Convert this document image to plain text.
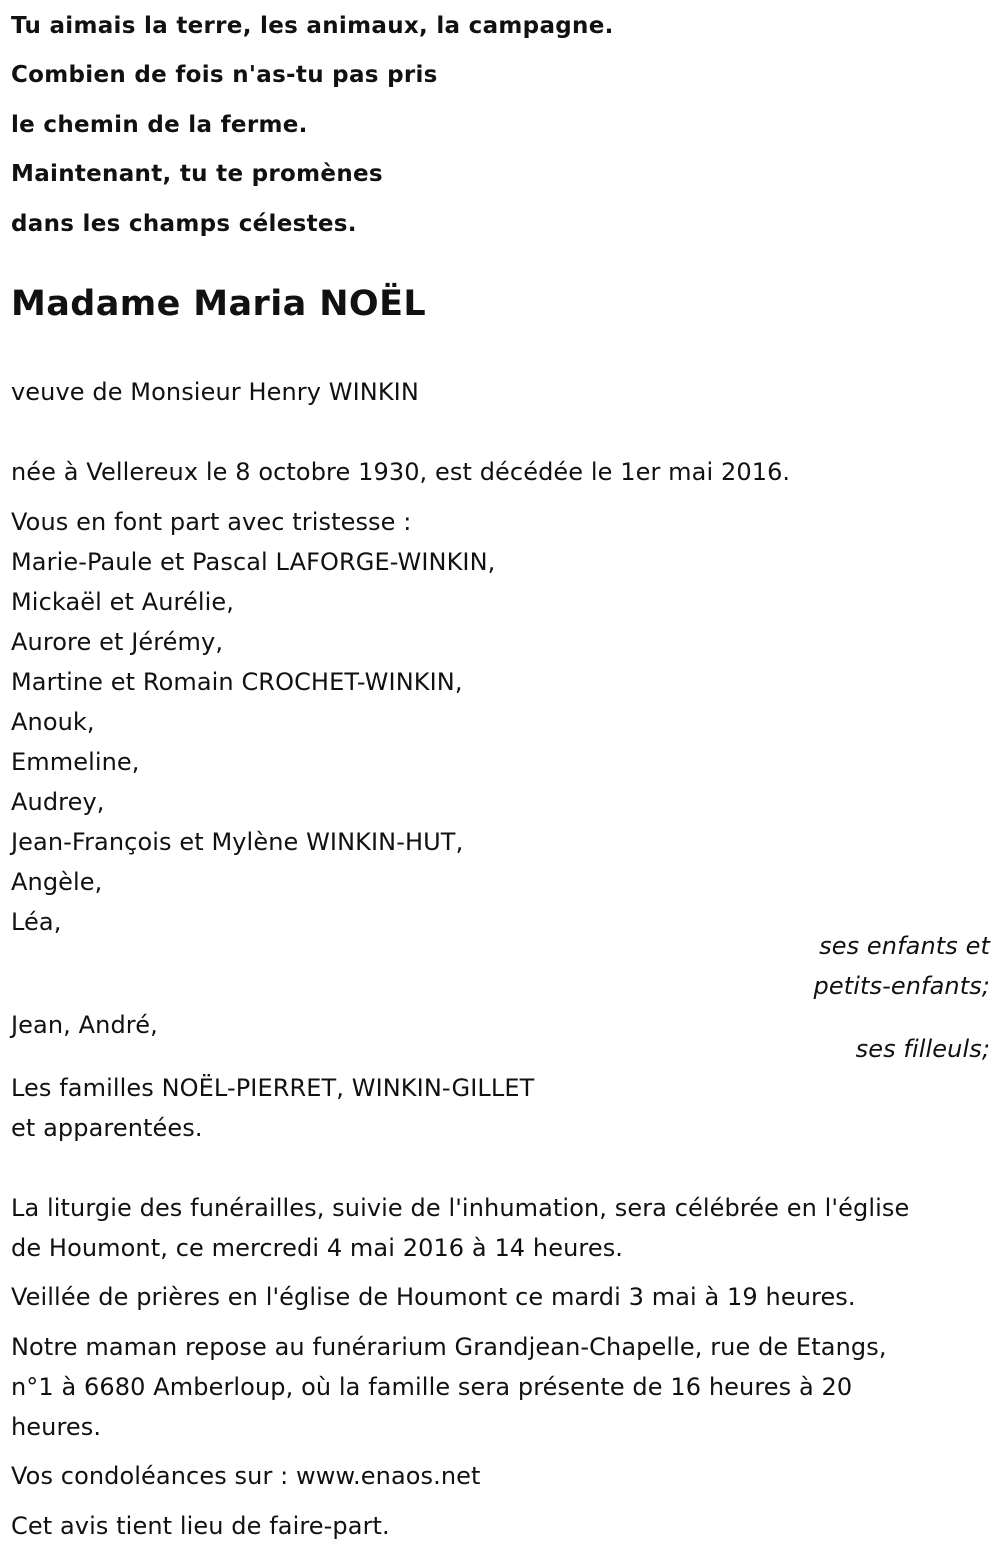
Tu aimais la terre, les animaux, la campagne.

Combien de fois n'as-tu pas pris

le chemin de la ferme.

Maintenant, tu te promènes

dans les champs célestes.

Madame Maria NOËL

veuve de Monsieur Henry WINKIN

née à Vellereux le 8 octobre 1930, est décédée le 1er mai 2016.

Vous en font part avec tristesse :

Marie-Paule et Pascal LAFORGE-WINKIN,

Mickaël et Aurélie,

Aurore et Jérémy,

Martine et Romain CROCHET-WINKIN,

Anouk,

Emmeline,

Audrey,

Jean-François et Mylène WINKIN-HUT,

Angèle,

Léa,

ses enfants et

petits-enfants;

Jean, André,

ses filleuls;

Les familles NOËL-PIERRET, WINKIN-GILLET

et apparentées.

La liturgie des funérailles, suivie de l'inhumation, sera célébrée en l'église

de Houmont, ce mercredi 4 mai 2016 à 14 heures.

Veillée de prières en l'église de Houmont ce mardi 3 mai à 19 heures.

Notre maman repose au funérarium Grandjean-Chapelle, rue de Etangs,

n°1 à 6680 Amberloup, où la famille sera présente de 16 heures à 20

heures.

Vos condoléances sur : www.enaos.net

Cet avis tient lieu de faire-part.
